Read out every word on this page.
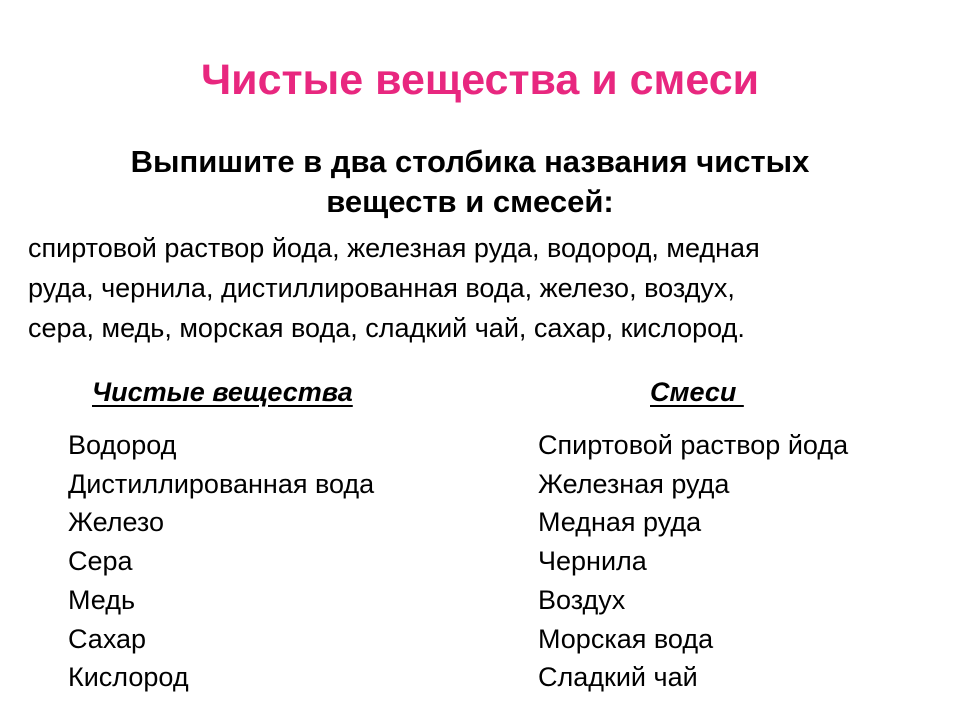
Чистые вещества и смеси
Выпишите в два столбика названия чистых
веществ и смесей:
спиртовой раствор йода, железная руда, водород, медная
руда, чернила, дистиллированная вода, железо, воздух,
сера, медь, морская вода, сладкий чай, сахар, кислород.
Чистые вещества	Смеси
Водород
Дистиллированная вода
Железо
Сера
Медь
Сахар
Кислород
Спиртовой раствор йода
Железная руда
Медная руда
Чернила
Воздух
Морская вода
Сладкий чай
